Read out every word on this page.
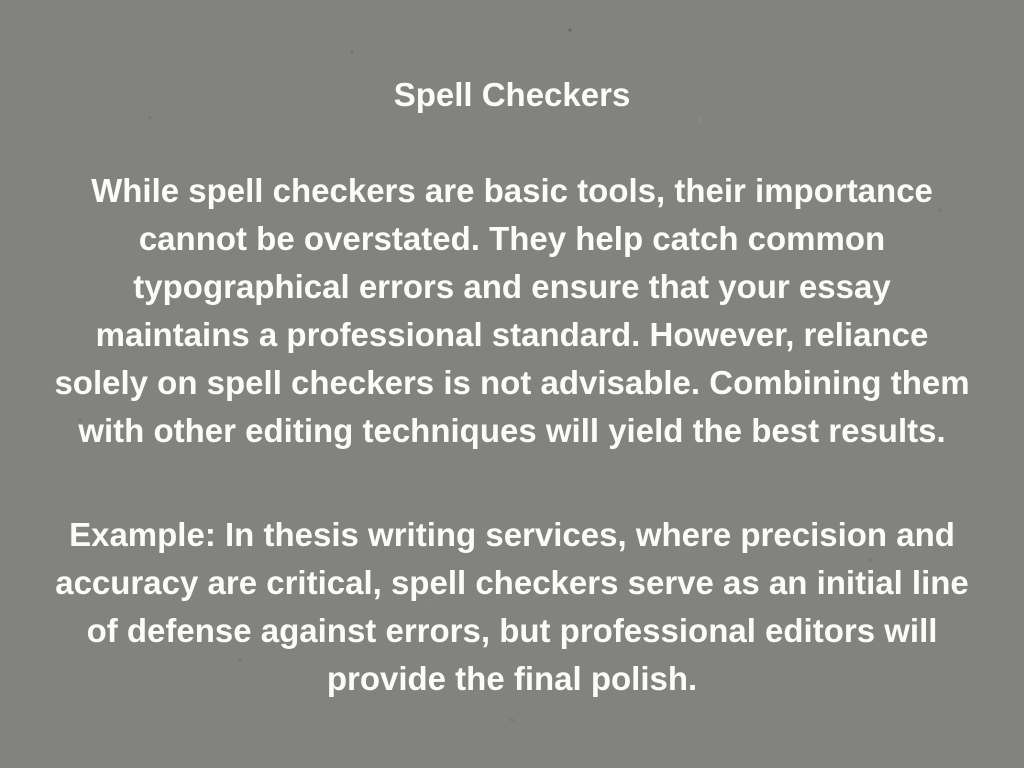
Spell Checkers
While spell checkers are basic tools, their importance
cannot be overstated. They help catch common
typographical errors and ensure that your essay
maintains a professional standard. However, reliance
solely on spell checkers is not advisable. Combining them
with other editing techniques will yield the best results.
Example: In thesis writing services, where precision and
accuracy are critical, spell checkers serve as an initial line
of defense against errors, but professional editors will
provide the final polish.
